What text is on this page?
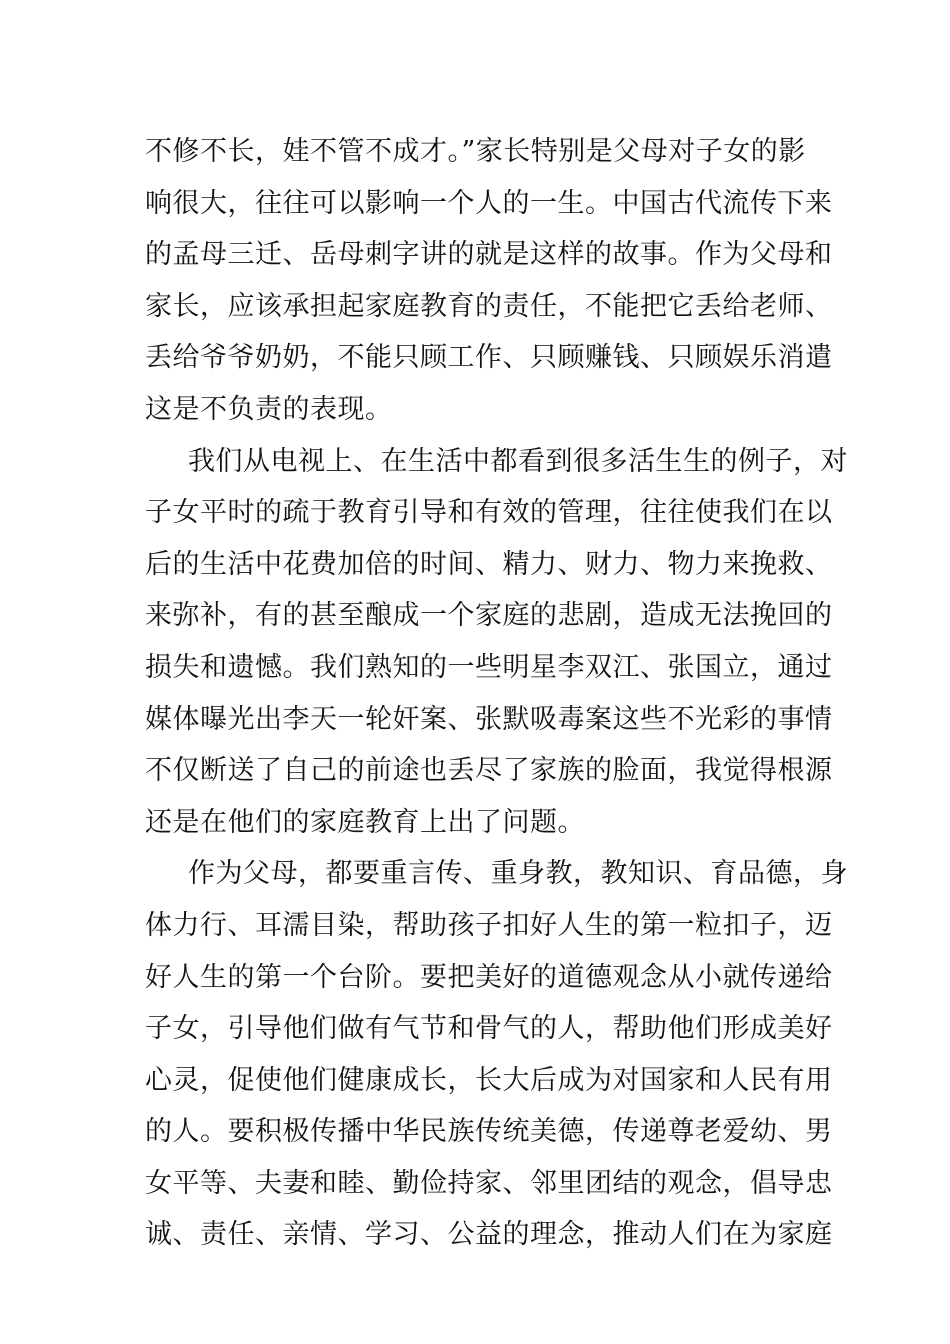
不修不长，娃不管不成才。”家长特别是父母对子女的影
响很大，往往可以影响一个人的一生。中国古代流传下来
的孟母三迁、岳母刺字讲的就是这样的故事。作为父母和
家长，应该承担起家庭教育的责任，不能把它丢给老师、
丢给爷爷奶奶，不能只顾工作、只顾赚钱、只顾娱乐消遣
这是不负责的表现。
我们从电视上、在生活中都看到很多活生生的例子，对
子女平时的疏于教育引导和有效的管理，往往使我们在以
后的生活中花费加倍的时间、精力、财力、物力来挽救、
来弥补，有的甚至酿成一个家庭的悲剧，造成无法挽回的
损失和遗憾。我们熟知的一些明星李双江、张国立，通过
媒体曝光出李天一轮奸案、张默吸毒案这些不光彩的事情
不仅断送了自己的前途也丢尽了家族的脸面，我觉得根源
还是在他们的家庭教育上出了问题。
作为父母，都要重言传、重身教，教知识、育品德，身
体力行、耳濡目染，帮助孩子扣好人生的第一粒扣子，迈
好人生的第一个台阶。要把美好的道德观念从小就传递给
子女，引导他们做有气节和骨气的人，帮助他们形成美好
心灵，促使他们健康成长，长大后成为对国家和人民有用
的人。要积极传播中华民族传统美德，传递尊老爱幼、男
女平等、夫妻和睦、勤俭持家、邻里团结的观念，倡导忠
诚、责任、亲情、学习、公益的理念，推动人们在为家庭
